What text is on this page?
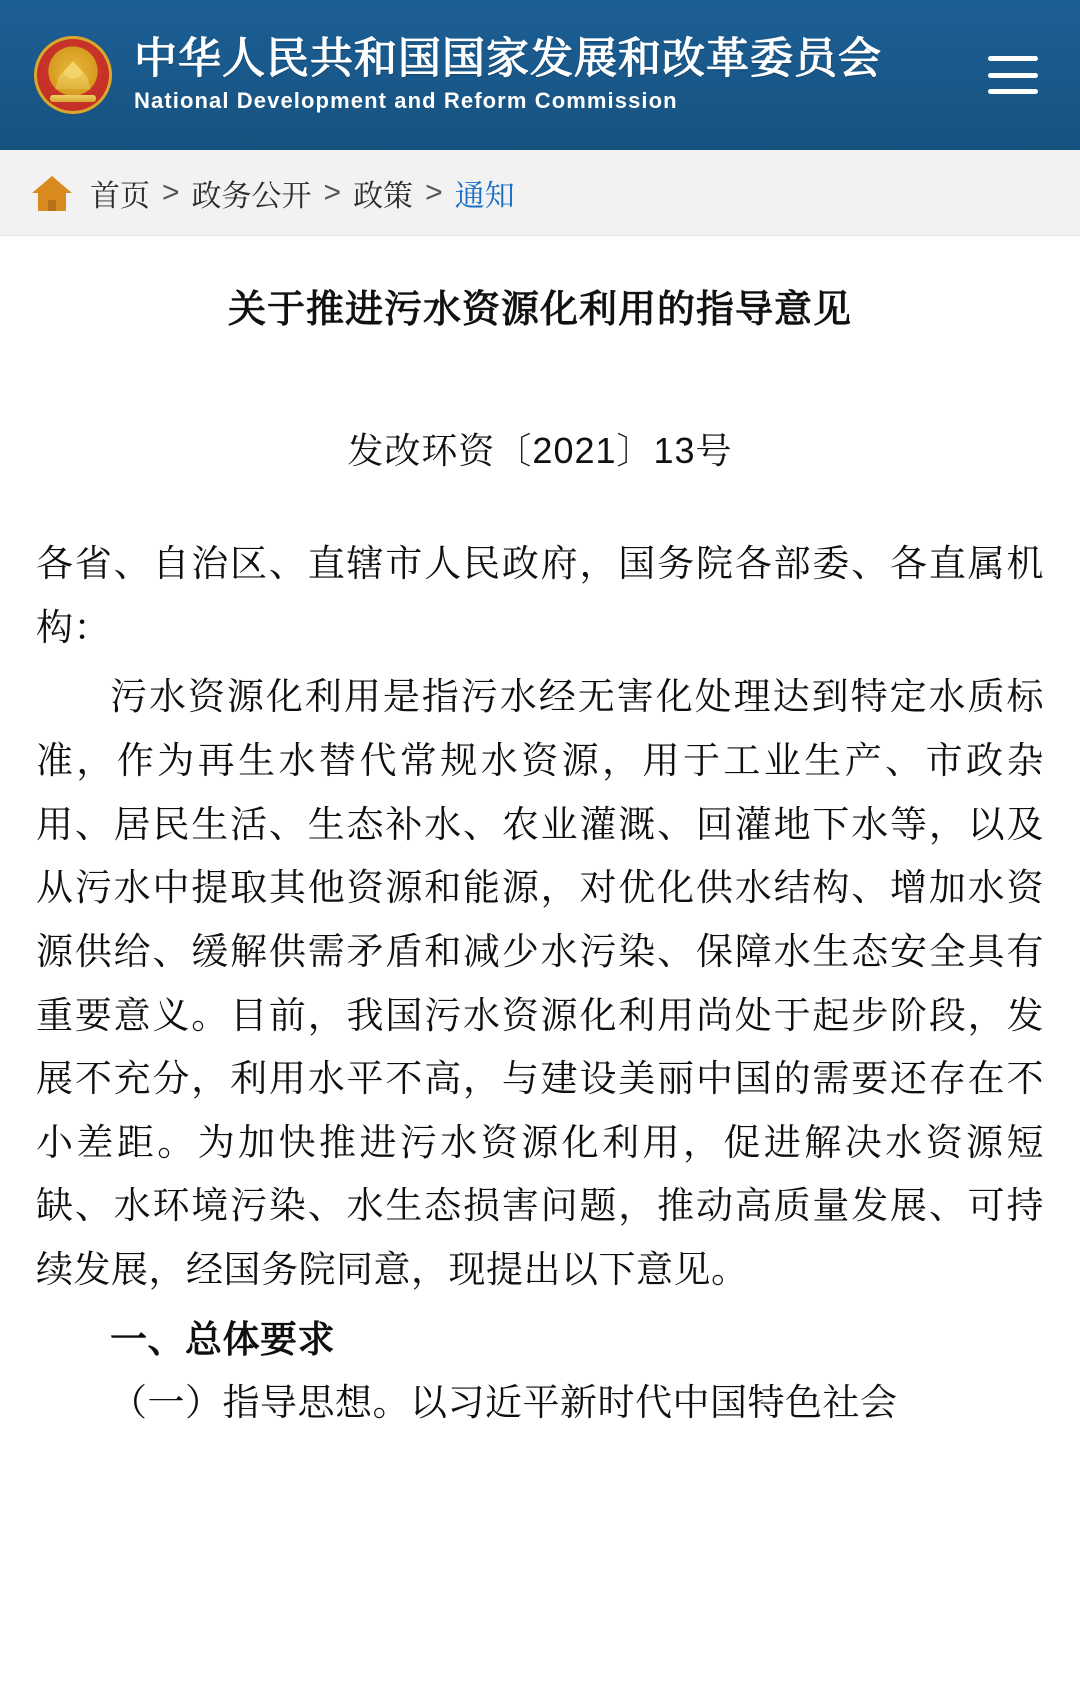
中华人民共和国国家发展和改革委员会
National Development and Reform Commission
首页 > 政务公开 > 政策 > 通知
关于推进污水资源化利用的指导意见
发改环资〔2021〕13号

各省、自治区、直辖市人民政府，国务院各部委、各直属机构：

污水资源化利用是指污水经无害化处理达到特定水质标准，作为再生水替代常规水资源，用于工业生产、市政杂用、居民生活、生态补水、农业灌溉、回灌地下水等，以及从污水中提取其他资源和能源，对优化供水结构、增加水资源供给、缓解供需矛盾和减少水污染、保障水生态安全具有重要意义。目前，我国污水资源化利用尚处于起步阶段，发展不充分，利用水平不高，与建设美丽中国的需要还存在不小差距。为加快推进污水资源化利用，促进解决水资源短缺、水环境污染、水生态损害问题，推动高质量发展、可持续发展，经国务院同意，现提出以下意见。

一、总体要求

（一）指导思想。以习近平新时代中国特色社会
